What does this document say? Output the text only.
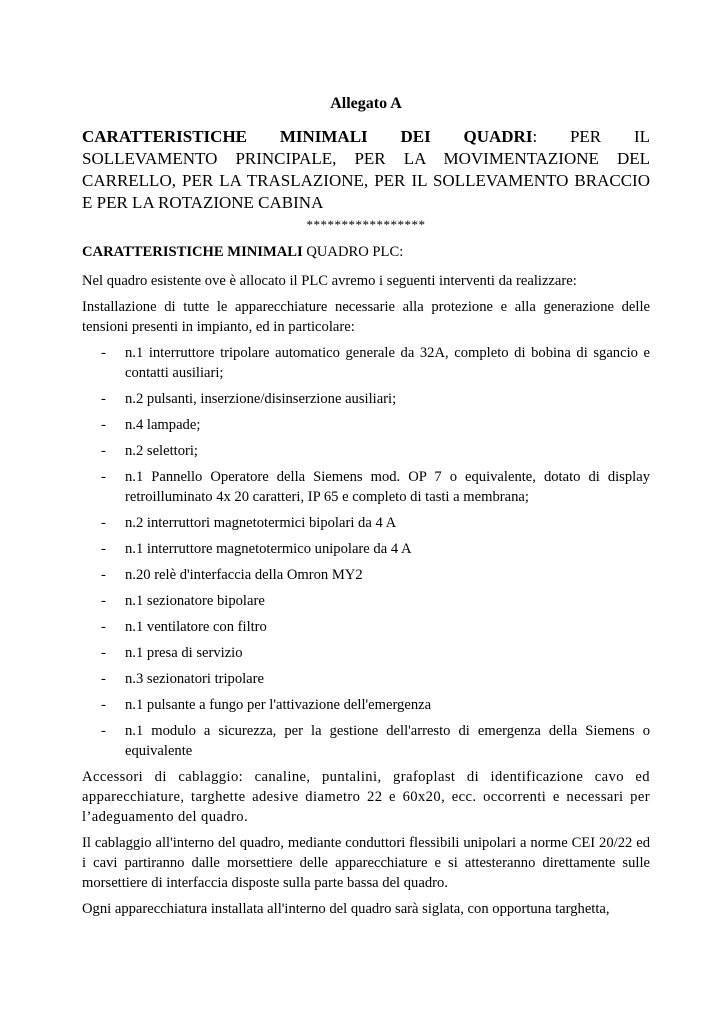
Allegato A
CARATTERISTICHE MINIMALI DEI QUADRI: PER IL
SOLLEVAMENTO PRINCIPALE, PER LA MOVIMENTAZIONE DEL CARRELLO, PER LA TRASLAZIONE, PER IL SOLLEVAMENTO BRACCIO E PER LA ROTAZIONE CABINA
*****************
CARATTERISTICHE MINIMALI QUADRO PLC:

Nel quadro esistente ove è allocato il PLC avremo i seguenti interventi da realizzare:

Installazione di tutte le apparecchiature necessarie alla protezione e alla generazione delle tensioni presenti in impianto, ed in particolare:

- n.1 interruttore tripolare automatico generale da 32A, completo di bobina di sgancio e contatti ausiliari;
- n.2 pulsanti, inserzione/disinserzione ausiliari;
- n.4 lampade;
- n.2 selettori;
- n.1 Pannello Operatore della Siemens mod. OP 7 o equivalente, dotato di display retroilluminato 4x 20 caratteri, IP 65 e completo di tasti a membrana;
- n.2 interruttori magnetotermici bipolari da 4 A
- n.1 interruttore magnetotermico unipolare da 4 A
- n.20 relè d'interfaccia della Omron MY2
- n.1 sezionatore bipolare
- n.1 ventilatore con filtro
- n.1 presa di servizio
- n.3 sezionatori tripolare
- n.1 pulsante a fungo per l'attivazione dell'emergenza
- n.1 modulo a sicurezza, per la gestione dell'arresto di emergenza della Siemens o equivalente

Accessori di cablaggio: canaline, puntalini, grafoplast di identificazione cavo ed apparecchiature, targhette adesive diametro 22 e 60x20, ecc. occorrenti e necessari per l’adeguamento del quadro.

Il cablaggio all'interno del quadro, mediante conduttori flessibili unipolari a norme CEI 20/22 ed i cavi partiranno dalle morsettiere delle apparecchiature e si attesteranno direttamente sulle morsettiere di interfaccia disposte sulla parte bassa del quadro.

Ogni apparecchiatura installata all'interno del quadro sarà siglata, con opportuna targhetta,
